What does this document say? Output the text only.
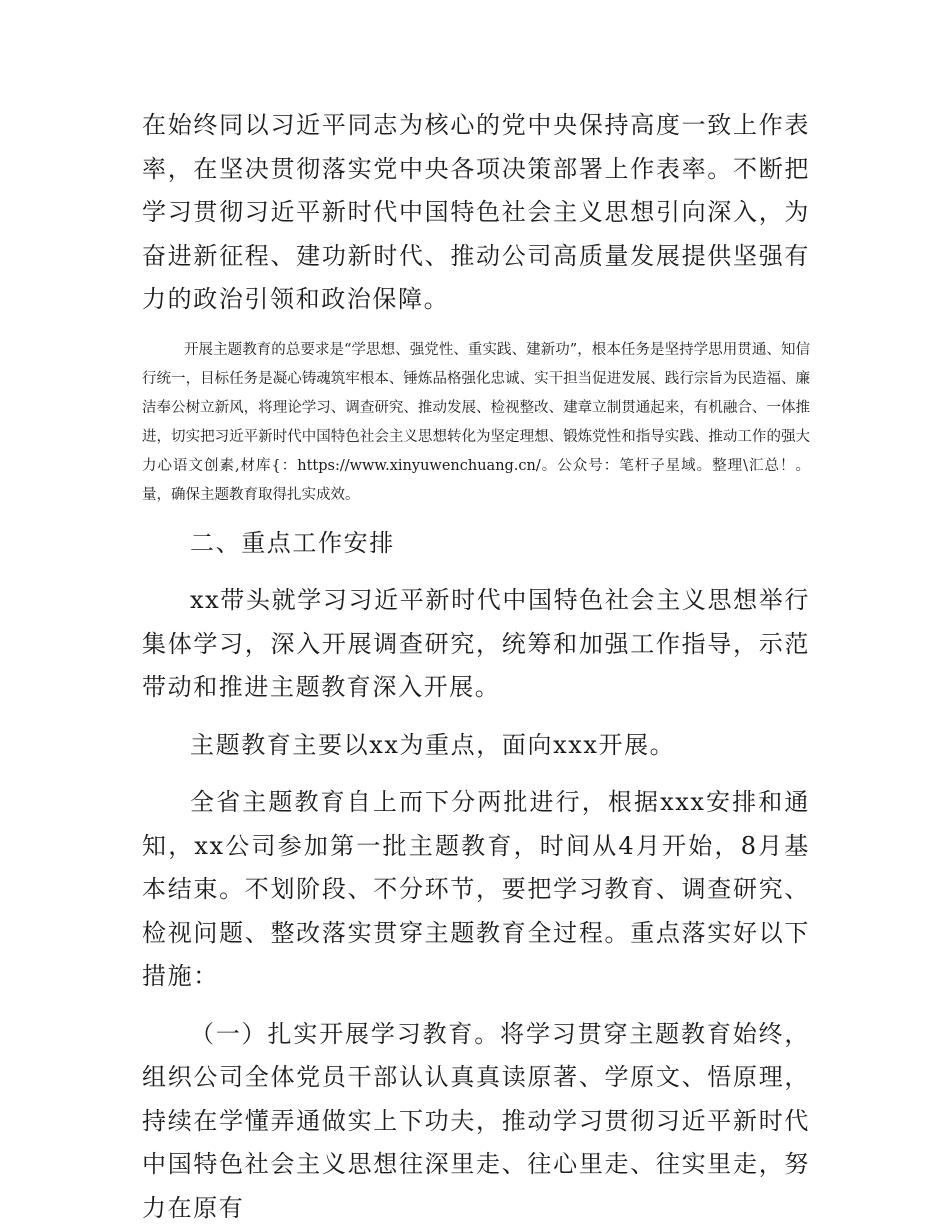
在始终同以习近平同志为核心的党中央保持高度一致上作表率，在坚决贯彻落实党中央各项决策部署上作表率。不断把学习贯彻习近平新时代中国特色社会主义思想引向深入，为奋进新征程、建功新时代、推动公司高质量发展提供坚强有力的政治引领和政治保障。

开展主题教育的总要求是“学思想、强党性、重实践、建新功”，根本任务是坚持学思用贯通、知信行统一，目标任务是凝心铸魂筑牢根本、锤炼品格强化忠诚、实干担当促进发展、践行宗旨为民造福、廉洁奉公树立新风，将理论学习、调查研究、推动发展、检视整改、建章立制贯通起来，有机融合、一体推进，切实把习近平新时代中国特色社会主义思想转化为坚定理想、锻炼党性和指导实践、推动工作的强大力心语文创素,材库{：https://www.xinyuwenchuang.cn/。公众号：笔杆子星域。整理\汇总！。量，确保主题教育取得扎实成效。

二、重点工作安排

xx带头就学习习近平新时代中国特色社会主义思想举行集体学习，深入开展调查研究，统筹和加强工作指导，示范带动和推进主题教育深入开展。

主题教育主要以xx为重点，面向xxx开展。

全省主题教育自上而下分两批进行，根据xxx安排和通知，xx公司参加第一批主题教育，时间从4月开始，8月基本结束。不划阶段、不分环节，要把学习教育、调查研究、检视问题、整改落实贯穿主题教育全过程。重点落实好以下措施：

（一）扎实开展学习教育。将学习贯穿主题教育始终，组织公司全体党员干部认认真真读原著、学原文、悟原理，持续在学懂弄通做实上下功夫，推动学习贯彻习近平新时代中国特色社会主义思想往深里走、往心里走、往实里走，努力在原有
